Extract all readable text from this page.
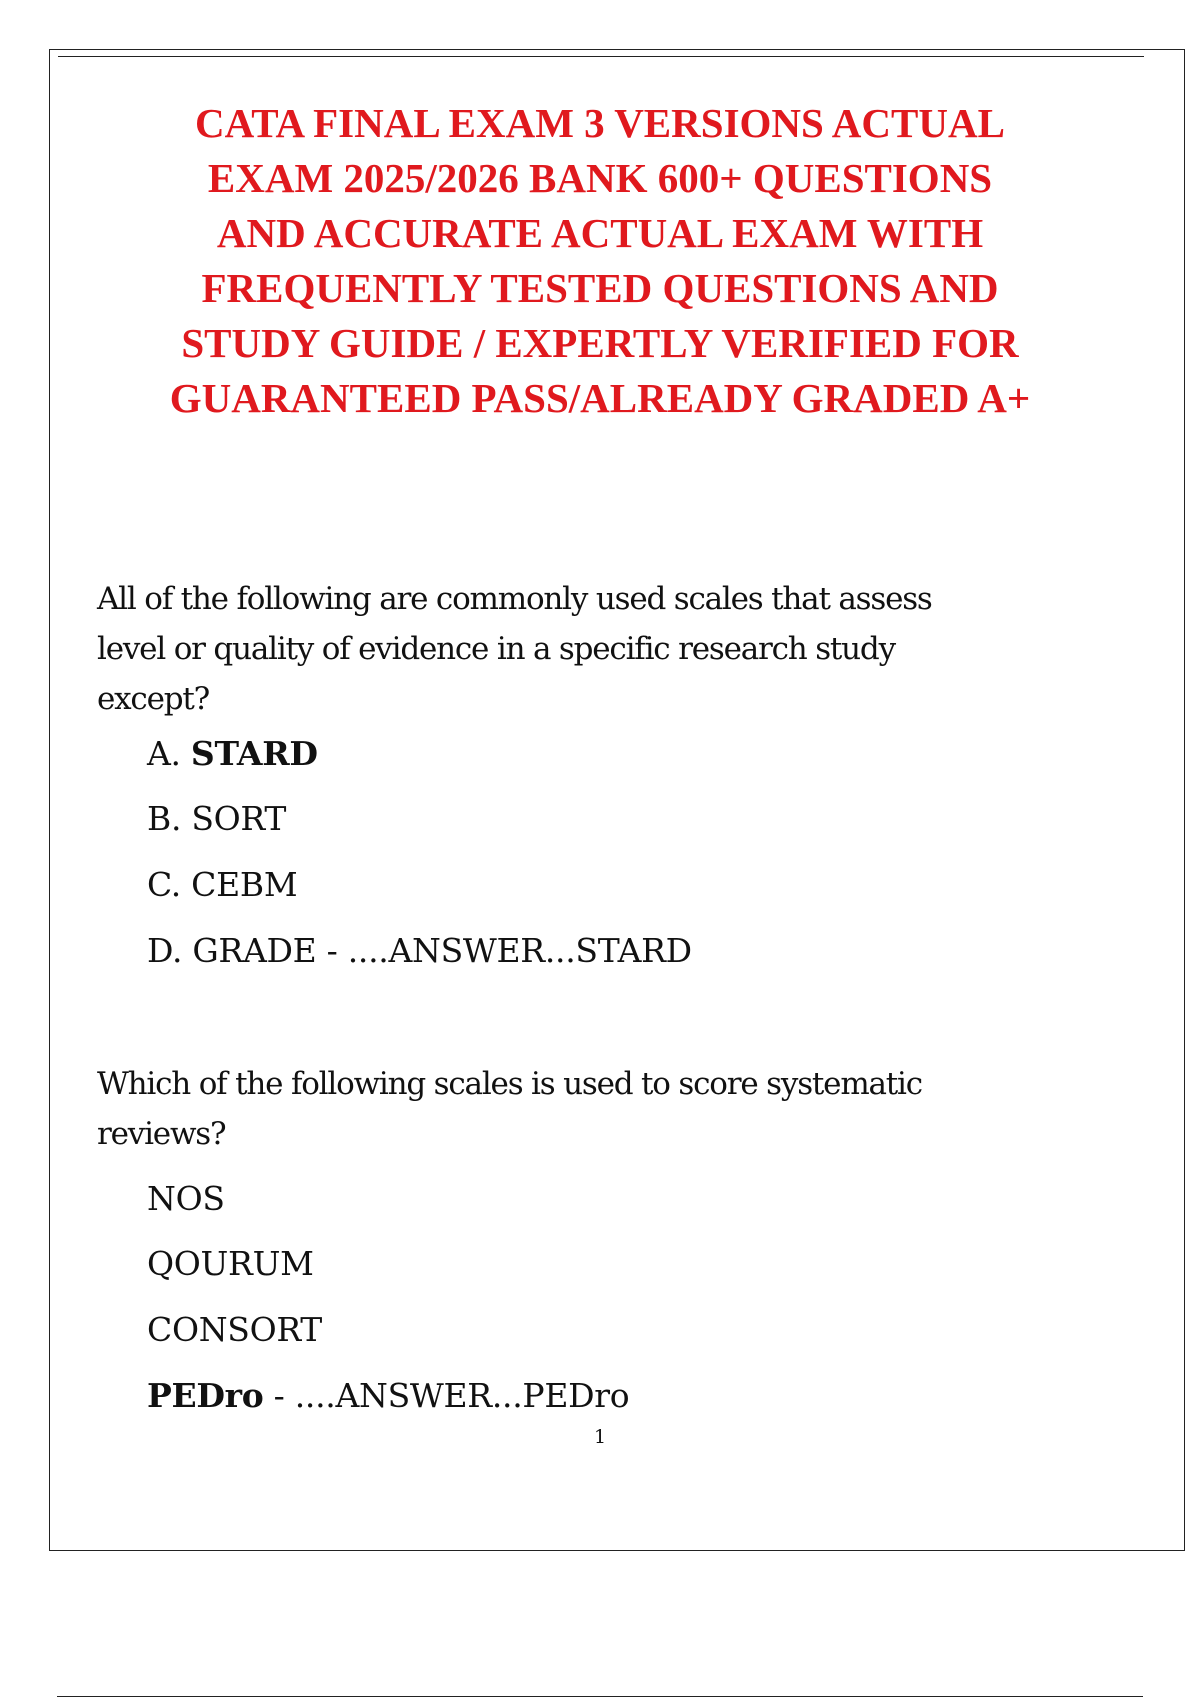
CATA FINAL EXAM 3 VERSIONS ACTUAL
EXAM 2025/2026 BANK 600+ QUESTIONS
AND ACCURATE ACTUAL EXAM WITH
FREQUENTLY TESTED QUESTIONS AND
STUDY GUIDE / EXPERTLY VERIFIED FOR
GUARANTEED PASS/ALREADY GRADED A+

All of the following are commonly used scales that assess
level or quality of evidence in a specific research study
except?

A. STARD

B. SORT

C. CEBM

D. GRADE - ....ANSWER...STARD

Which of the following scales is used to score systematic
reviews?

NOS

QOURUM

CONSORT

PEDro - ....ANSWER...PEDro

1
